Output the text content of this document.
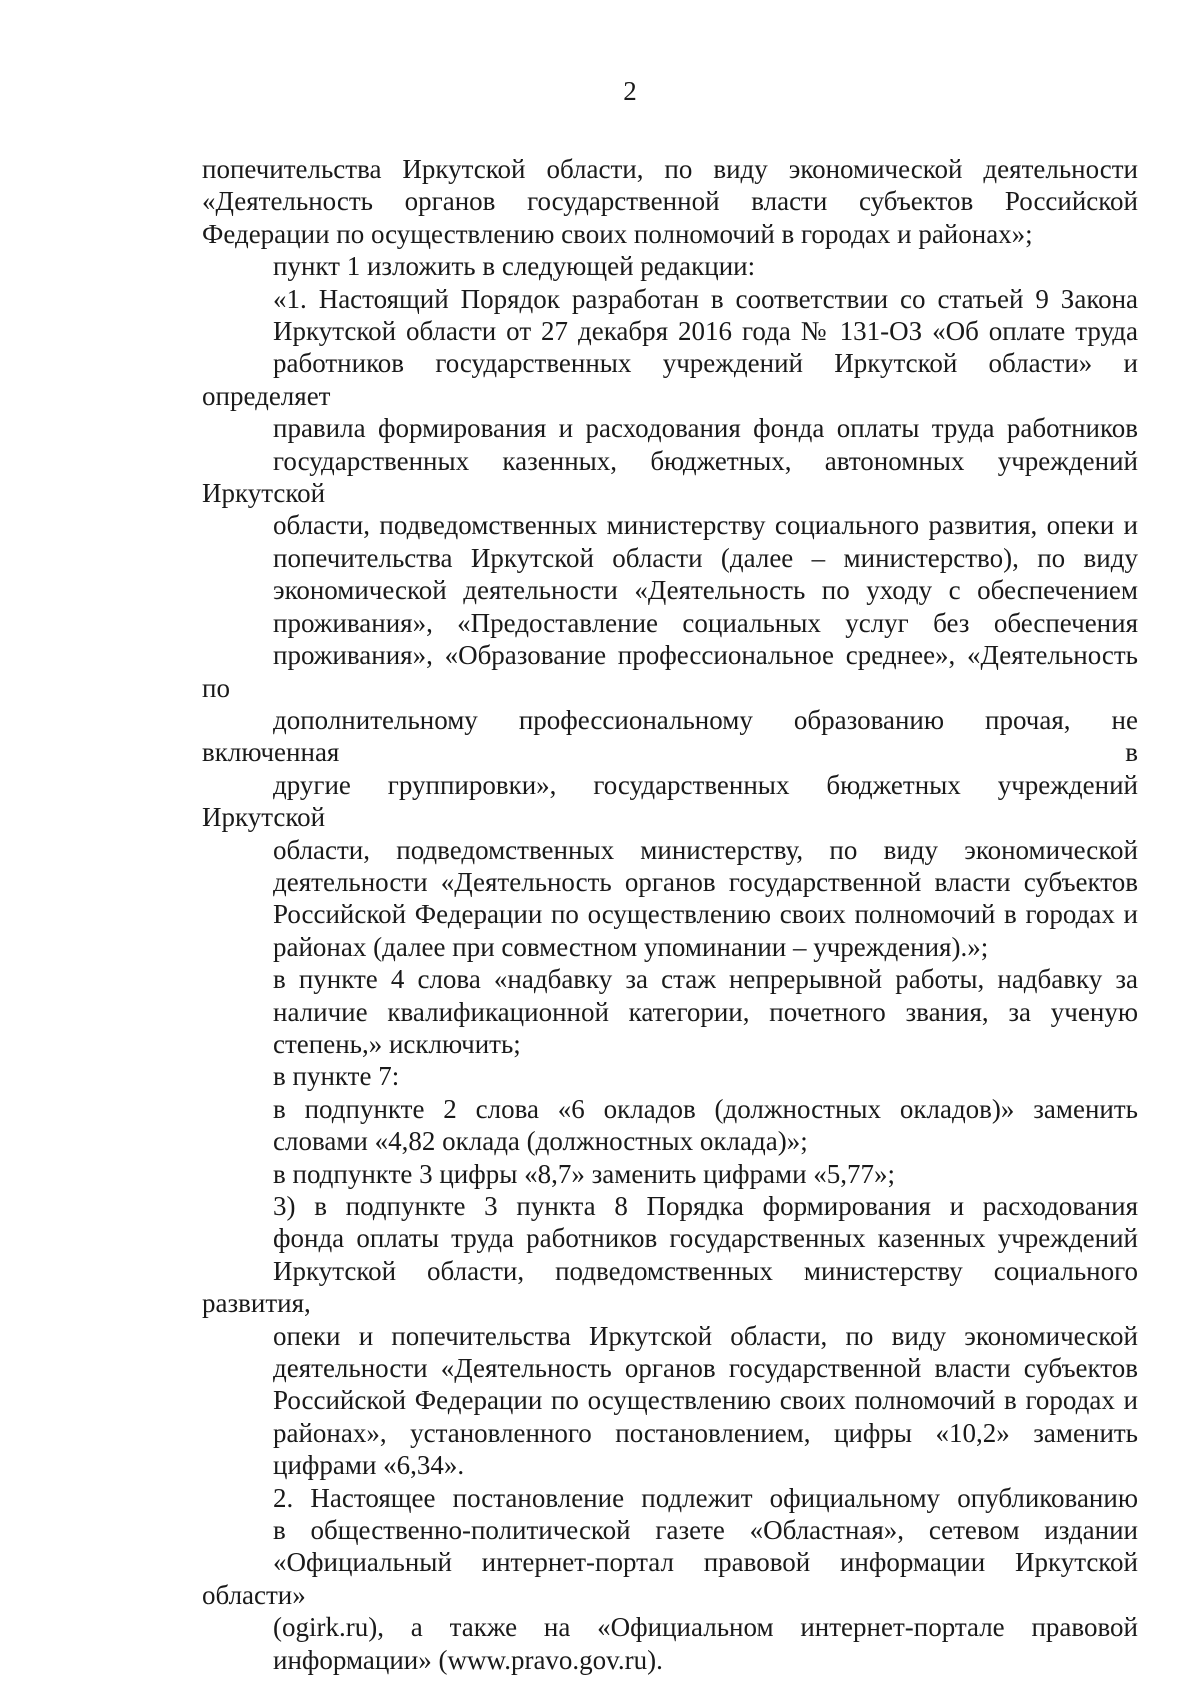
2

попечительства Иркутской области, по виду экономической деятельности
«Деятельность органов государственной власти субъектов Российской
Федерации по осуществлению своих полномочий в городах и районах»;

пункт 1 изложить в следующей редакции:

«1. Настоящий Порядок разработан в соответствии со статьей 9 Закона
Иркутской области от 27 декабря 2016 года № 131-ОЗ «Об оплате труда
работников государственных учреждений Иркутской области» и определяет
правила формирования и расходования фонда оплаты труда работников
государственных казенных, бюджетных, автономных учреждений Иркутской
области, подведомственных министерству социального развития, опеки и
попечительства Иркутской области (далее – министерство), по виду
экономической деятельности «Деятельность по уходу с обеспечением
проживания», «Предоставление социальных услуг без обеспечения
проживания», «Образование профессиональное среднее», «Деятельность по
дополнительному профессиональному образованию прочая, не включенная в
другие группировки», государственных бюджетных учреждений Иркутской
области, подведомственных министерству, по виду экономической
деятельности «Деятельность органов государственной власти субъектов
Российской Федерации по осуществлению своих полномочий в городах и
районах (далее при совместном упоминании – учреждения).»;

в пункте 4 слова «надбавку за стаж непрерывной работы, надбавку за
наличие квалификационной категории, почетного звания, за ученую
степень,» исключить;

в пункте 7:

в подпункте 2 слова «6 окладов (должностных окладов)» заменить
словами «4,82 оклада (должностных оклада)»;

в подпункте 3 цифры «8,7» заменить цифрами «5,77»;

3) в подпункте 3 пункта 8 Порядка формирования и расходования
фонда оплаты труда работников государственных казенных учреждений
Иркутской области, подведомственных министерству социального развития,
опеки и попечительства Иркутской области, по виду экономической
деятельности «Деятельность органов государственной власти субъектов
Российской Федерации по осуществлению своих полномочий в городах и
районах», установленного постановлением, цифры «10,2» заменить
цифрами «6,34».

2. Настоящее постановление подлежит официальному опубликованию
в общественно-политической газете «Областная», сетевом издании
«Официальный интернет-портал правовой информации Иркутской области»
(ogirk.ru), а также на «Официальном интернет-портале правовой
информации» (www.pravo.gov.ru).
